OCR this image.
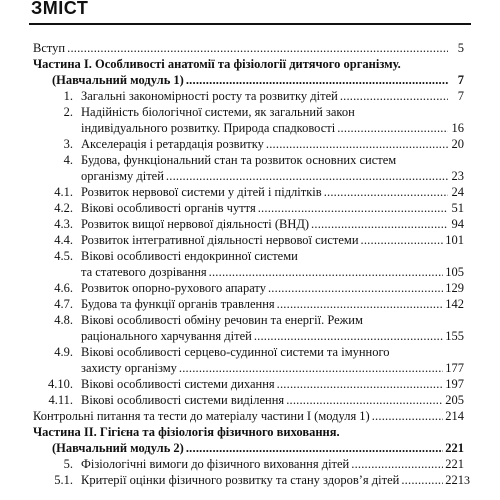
ЗМІСТ
Вступ .....	5
Частина І. Особливості анатомії та фізіології дитячого організму.
(Навчальний модуль 1) .....	7
1. Загальні закономірності росту та розвитку дітей .....	7
2. Надійність біологічної системи, як загальний закон
індивідуального розвитку. Природа спадковості .....	16
3. Акселерація і ретардація розвитку .....	20
4. Будова, функціональний стан та розвиток основних систем
організму дітей .....	23
4.1. Розвиток нервової системи у дітей і підлітків .....	24
4.2. Вікові особливості органів чуття .....	51
4.3. Розвиток вищої нервової діяльності (ВНД) .....	94
4.4. Розвиток інтегративної діяльності нервової системи .....	101
4.5. Вікові особливості ендокринної системи
та статевого дозрівання .....	105
4.6. Розвиток опорно-рухового апарату .....	129
4.7. Будова та функції органів травлення .....	142
4.8. Вікові особливості обміну речовин та енергії. Режим
раціонального харчування дітей .....	155
4.9. Вікові особливості серцево-судинної системи та імунного
захисту організму .....	177
4.10. Вікові особливості системи дихання .....	197
4.11. Вікові особливості системи виділення .....	205
Контрольні питання та тести до матеріалу частини І (модуля 1) .....	214
Частина ІІ. Гігієна та фізіологія фізичного виховання.
(Навчальний модуль 2) .....	221
5. Фізіологічні вимоги до фізичного виховання дітей .....	221
5.1. Критерії оцінки фізичного розвитку та стану здоров’я дітей .....	221 3
